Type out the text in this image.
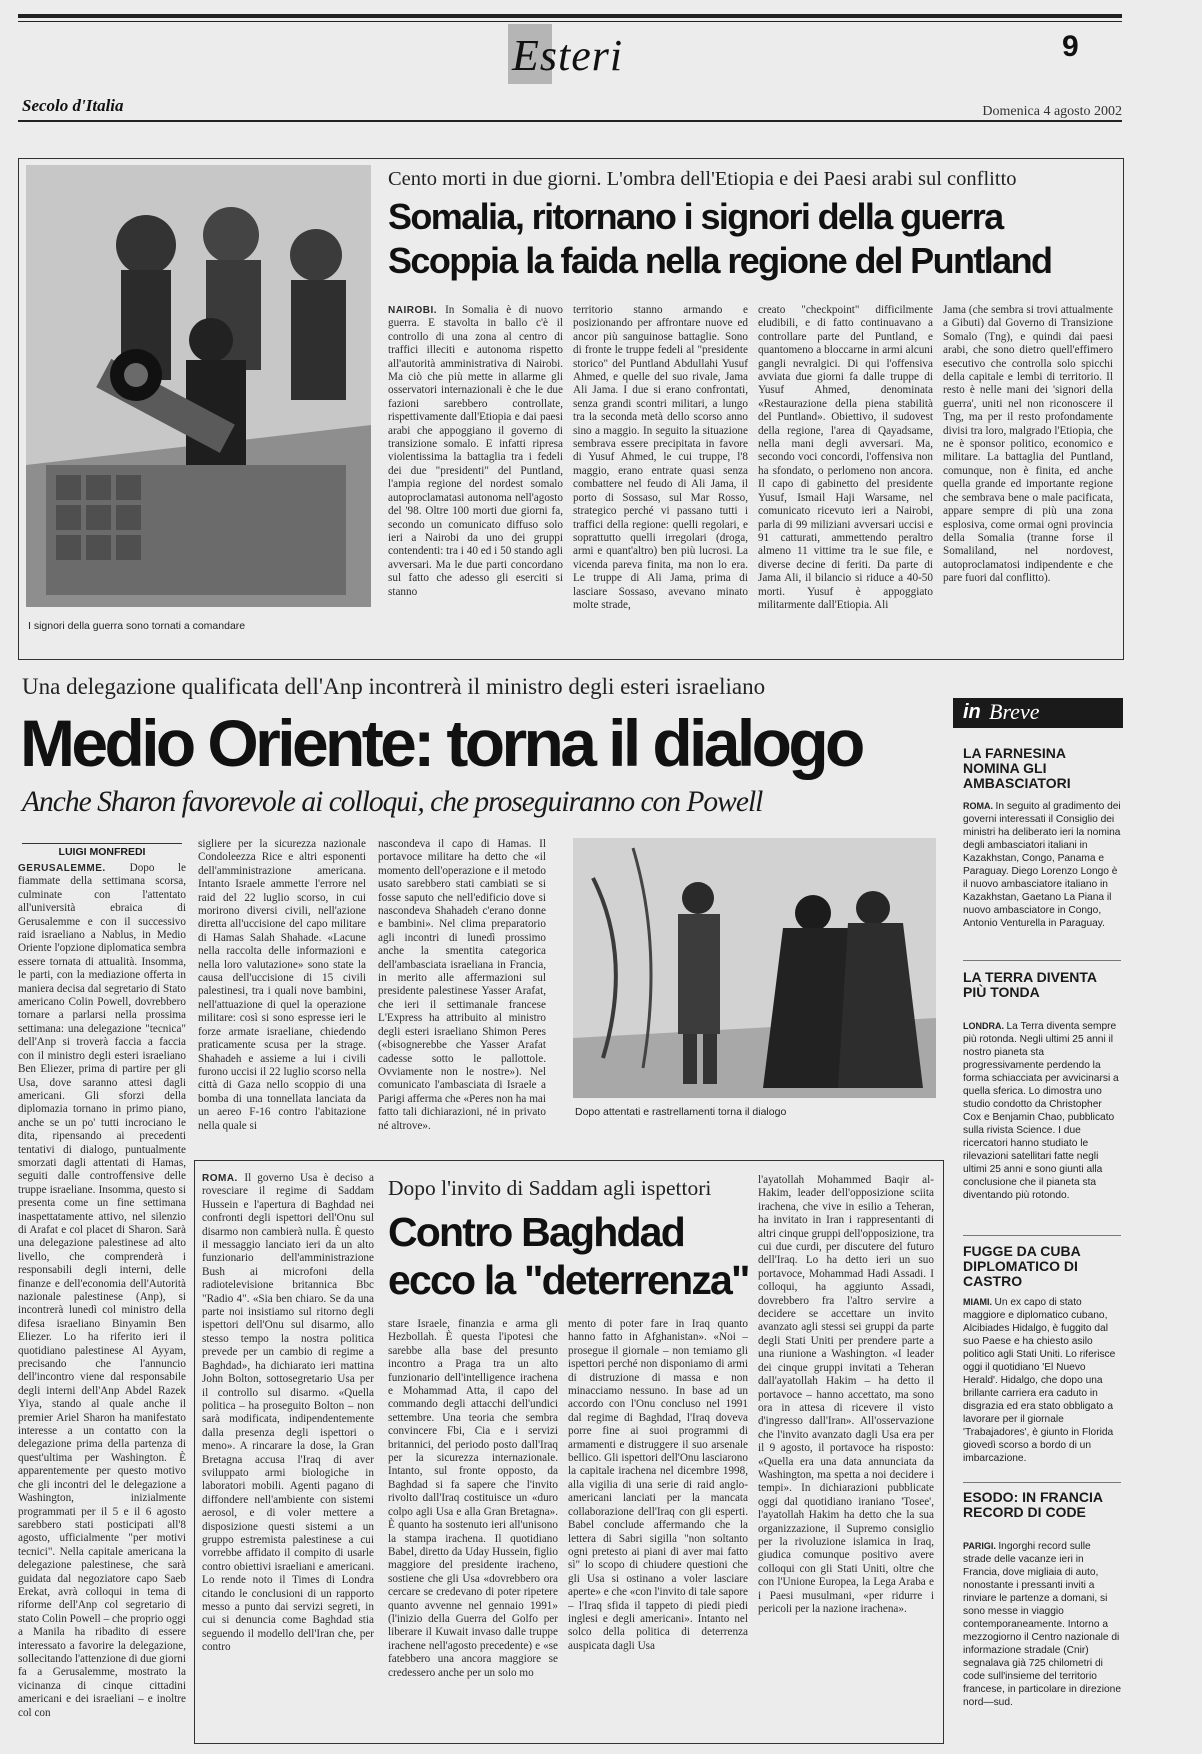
Esteri	9
Secolo d'Italia	Domenica 4 agosto 2002
I signori della guerra sono tornati a comandare
Cento morti in due giorni. L'ombra dell'Etiopia e dei Paesi arabi sul conflitto
Somalia, ritornano i signori della guerra
Scoppia la faida nella regione del Puntland
NAIROBI. In Somalia è di nuovo guerra. E stavolta in ballo c'è il controllo di una zona al centro di traffici illeciti e autonoma rispetto all'autorità amministrativa di Nairobi. Ma ciò che più mette in allarme gli osservatori internazionali è che le due fazioni sarebbero controllate, rispettivamente dall'Etiopia e dai paesi arabi che appoggiano il governo di transizione somalo. E infatti ripresa violentissima la battaglia tra i fedeli dei due "presidenti" del Puntland, l'ampia regione del nordest somalo autoproclamatasi autonoma nell'agosto del '98. Oltre 100 morti due giorni fa, secondo un comunicato diffuso solo ieri a Nairobi da uno dei gruppi contendenti: tra i 40 ed i 50 stando agli avversari. Ma le due parti concordano sul fatto che adesso gli eserciti si stanno
territorio stanno armando e posizionando per affrontare nuove ed ancor più sanguinose battaglie. Sono di fronte le truppe fedeli al "presidente storico" del Puntland Abdullahi Yusuf Ahmed, e quelle del suo rivale, Jama Ali Jama. I due si erano confrontati, senza grandi scontri militari, a lungo tra la seconda metà dello scorso anno sino a maggio. In seguito la situazione sembrava essere precipitata in favore di Yusuf Ahmed, le cui truppe, l'8 maggio, erano entrate quasi senza combattere nel feudo di Ali Jama, il porto di Sossaso, sul Mar Rosso, strategico perché vi passano tutti i traffici della regione: quelli regolari, e soprattutto quelli irregolari (droga, armi e quant'altro) ben più lucrosi. La vicenda pareva finita, ma non lo era. Le truppe di Ali Jama, prima di lasciare Sossaso, avevano minato molte strade,
creato "checkpoint" difficilmente eludibili, e di fatto continuavano a controllare parte del Puntland, e quantomeno a bloccarne in armi alcuni gangli nevralgici. Di qui l'offensiva avviata due giorni fa dalle truppe di Yusuf Ahmed, denominata «Restaurazione della piena stabilità del Puntland». Obiettivo, il sudovest della regione, l'area di Qayadsame, nella mani degli avversari. Ma, secondo voci concordi, l'offensiva non ha sfondato, o perlomeno non ancora. Il capo di gabinetto del presidente Yusuf, Ismail Haji Warsame, nel comunicato ricevuto ieri a Nairobi, parla di 99 miliziani avversari uccisi e 91 catturati, ammettendo peraltro almeno 11 vittime tra le sue file, e diverse decine di feriti. Da parte di Jama Ali, il bilancio si riduce a 40-50 morti. Yusuf è appoggiato militarmente dall'Etiopia. Ali
Jama (che sembra si trovi attualmente a Gibuti) dal Governo di Transizione Somalo (Tng), e quindi dai paesi arabi, che sono dietro quell'effimero esecutivo che controlla solo spicchi della capitale e lembi di territorio. Il resto è nelle mani dei 'signori della guerra', uniti nel non riconoscere il Tng, ma per il resto profondamente divisi tra loro, malgrado l'Etiopia, che ne è sponsor politico, economico e militare. La battaglia del Puntland, comunque, non è finita, ed anche quella grande ed importante regione che sembrava bene o male pacificata, appare sempre di più una zona esplosiva, come ormai ogni provincia della Somalia (tranne forse il Somaliland, nel nordovest, autoproclamatosi indipendente e che pare fuori dal conflitto).
Una delegazione qualificata dell'Anp incontrerà il ministro degli esteri israeliano
Medio Oriente: torna il dialogo
Anche Sharon favorevole ai colloqui, che proseguiranno con Powell
LUIGI MONFREDI
GERUSALEMME. Dopo le fiammate della settimana scorsa, culminate con l'attentato all'università ebraica di Gerusalemme e con il successivo raid israeliano a Nablus, in Medio Oriente l'opzione diplomatica sembra essere tornata di attualità. Insomma, le parti, con la mediazione offerta in maniera decisa dal segretario di Stato americano Colin Powell, dovrebbero tornare a parlarsi nella prossima settimana: una delegazione "tecnica" dell'Anp si troverà faccia a faccia con il ministro degli esteri israeliano Ben Eliezer, prima di partire per gli Usa, dove saranno attesi dagli americani. Gli sforzi della diplomazia tornano in primo piano, anche se un po' tutti incrociano le dita, ripensando ai precedenti tentativi di dialogo, puntualmente smorzati dagli attentati di Hamas, seguiti dalle controffensive delle truppe israeliane. Insomma, questo si presenta come un fine settimana inaspettatamente attivo, nel silenzio di Arafat e col placet di Sharon. Sarà una delegazione palestinese ad alto livello, che comprenderà i responsabili degli interni, delle finanze e dell'economia dell'Autorità nazionale palestinese (Anp), si incontrerà lunedì col ministro della difesa israeliano Binyamin Ben Eliezer. Lo ha riferito ieri il quotidiano palestinese Al Ayyam, precisando che l'annuncio dell'incontro viene dal responsabile degli interni dell'Anp Abdel Razek Yiya, stando al quale anche il premier Ariel Sharon ha manifestato interesse a un contatto con la delegazione prima della partenza di quest'ultima per Washington. È apparentemente per questo motivo che gli incontri del le delegazione a Washington, inizialmente programmati per il 5 e il 6 agosto sarebbero stati posticipati all'8 agosto, ufficialmente "per motivi tecnici". Nella capitale americana la delegazione palestinese, che sarà guidata dal negoziatore capo Saeb Erekat, avrà colloqui in tema di riforme dell'Anp col segretario di stato Colin Powell – che proprio oggi a Manila ha ribadito di essere interessato a favorire la delegazione, sollecitando l'attenzione di due giorni fa a Gerusalemme, mostrato la vicinanza di cinque cittadini americani e dei israeliani – e inoltre col con
sigliere per la sicurezza nazionale Condoleezza Rice e altri esponenti dell'amministrazione americana. Intanto Israele ammette l'errore nel raid del 22 luglio scorso, in cui morirono diversi civili, nell'azione diretta all'uccisione del capo militare di Hamas Salah Shahade. «Lacune nella raccolta delle informazioni e nella loro valutazione» sono state la causa dell'uccisione di 15 civili palestinesi, tra i quali nove bambini, nell'attuazione di quel la operazione militare: così si sono espresse ieri le forze armate israeliane, chiedendo praticamente scusa per la strage. Shahadeh e assieme a lui i civili furono uccisi il 22 luglio scorso nella città di Gaza nello scoppio di una bomba di una tonnellata lanciata da un aereo F-16 contro l'abitazione nella quale si
nascondeva il capo di Hamas. Il portavoce militare ha detto che «il momento dell'operazione e il metodo usato sarebbero stati cambiati se si fosse saputo che nell'edificio dove si nascondeva Shahadeh c'erano donne e bambini». Nel clima preparatorio agli incontri di lunedì prossimo anche la smentita categorica dell'ambasciata israeliana in Francia, in merito alle affermazioni sul presidente palestinese Yasser Arafat, che ieri il settimanale francese L'Express ha attribuito al ministro degli esteri israeliano Shimon Peres («bisognerebbe che Yasser Arafat cadesse sotto le pallottole. Ovviamente non le nostre»). Nel comunicato l'ambasciata di Israele a Parigi afferma che «Peres non ha mai fatto tali dichiarazioni, né in privato né altrove».
Dopo attentati e rastrellamenti torna il dialogo
ROMA. Il governo Usa è deciso a rovesciare il regime di Saddam Hussein e l'apertura di Baghdad nei confronti degli ispettori dell'Onu sul disarmo non cambierà nulla. È questo il messaggio lanciato ieri da un alto funzionario dell'amministrazione Bush ai microfoni della radiotelevisione britannica Bbc "Radio 4". «Sia ben chiaro. Se da una parte noi insistiamo sul ritorno degli ispettori dell'Onu sul disarmo, allo stesso tempo la nostra politica prevede per un cambio di regime a Baghdad», ha dichiarato ieri mattina John Bolton, sottosegretario Usa per il controllo sul disarmo. «Quella politica – ha proseguito Bolton – non sarà modificata, indipendentemente dalla presenza degli ispettori o meno». A rincarare la dose, la Gran Bretagna accusa l'Iraq di aver sviluppato armi biologiche in laboratori mobili. Agenti pagano di diffondere nell'ambiente con sistemi aerosol, e di voler mettere a disposizione questi sistemi a un gruppo estremista palestinese a cui vorrebbe affidato il compito di usarle contro obiettivi israeliani e americani. Lo rende noto il Times di Londra citando le conclusioni di un rapporto messo a punto dai servizi segreti, in cui si denuncia come Baghdad stia seguendo il modello dell'Iran che, per contro
Dopo l'invito di Saddam agli ispettori
Contro Baghdad
ecco la "deterrenza"
stare Israele, finanzia e arma gli Hezbollah. È questa l'ipotesi che sarebbe alla base del presunto incontro a Praga tra un alto funzionario dell'intelligence irachena e Mohammad Atta, il capo del commando degli attacchi dell'undici settembre. Una teoria che sembra convincere Fbi, Cia e i servizi britannici, del periodo posto dall'Iraq per la sicurezza internazionale. Intanto, sul fronte opposto, da Baghdad si fa sapere che l'invito rivolto dall'Iraq costituisce un «duro colpo agli Usa e alla Gran Bretagna». È quanto ha sostenuto ieri all'unisono la stampa irachena. Il quotidiano Babel, diretto da Uday Hussein, figlio maggiore del presidente iracheno, sostiene che gli Usa «dovrebbero ora cercare se credevano di poter ripetere quanto avvenne nel gennaio 1991» (l'inizio della Guerra del Golfo per liberare il Kuwait invaso dalle truppe irachene nell'agosto precedente) e «se fatebbero una ancora maggiore se credessero anche per un solo mo
mento di poter fare in Iraq quanto hanno fatto in Afghanistan». «Noi – prosegue il giornale – non temiamo gli ispettori perché non disponiamo di armi di distruzione di massa e non minacciamo nessuno. In base ad un accordo con l'Onu concluso nel 1991 dal regime di Baghdad, l'Iraq doveva porre fine ai suoi programmi di armamenti e distruggere il suo arsenale bellico. Gli ispettori dell'Onu lasciarono la capitale irachena nel dicembre 1998, alla vigilia di una serie di raid anglo-americani lanciati per la mancata collaborazione dell'Iraq con gli esperti. Babel conclude affermando che la lettera di Sabri sigilla "non soltanto ogni pretesto ai piani di aver mai fatto sì" lo scopo di chiudere questioni che gli Usa si ostinano a voler lasciare aperte» e che «con l'invito di tale sapore – l'Iraq sfida il tappeto di piedi piedi inglesi e degli americani». Intanto nel solco della politica di deterrenza auspicata dagli Usa
l'ayatollah Mohammed Baqir al-Hakim, leader dell'opposizione sciita irachena, che vive in esilio a Teheran, ha invitato in Iran i rappresentanti di altri cinque gruppi dell'opposizione, tra cui due curdi, per discutere del futuro dell'Iraq. Lo ha detto ieri un suo portavoce, Mohammad Hadi Assadi. I colloqui, ha aggiunto Assadi, dovrebbero fra l'altro servire a decidere se accettare un invito avanzato agli stessi sei gruppi da parte degli Stati Uniti per prendere parte a una riunione a Washington. «I leader dei cinque gruppi invitati a Teheran dall'ayatollah Hakim – ha detto il portavoce – hanno accettato, ma sono ora in attesa di ricevere il visto d'ingresso dall'Iran». All'osservazione che l'invito avanzato dagli Usa era per il 9 agosto, il portavoce ha risposto: «Quella era una data annunciata da Washington, ma spetta a noi decidere i tempi». In dichiarazioni pubblicate oggi dal quotidiano iraniano 'Tosee', l'ayatollah Hakim ha detto che la sua organizzazione, il Supremo consiglio per la rivoluzione islamica in Iraq, giudica comunque positivo avere colloqui con gli Stati Uniti, oltre che con l'Unione Europea, la Lega Araba e i Paesi musulmani, «per ridurre i pericoli per la nazione irachena».
in Breve
LA FARNESINA NOMINA GLI AMBASCIATORI
ROMA. In seguito al gradimento dei governi interessati il Consiglio dei ministri ha deliberato ieri la nomina degli ambasciatori italiani in Kazakhstan, Congo, Panama e Paraguay. Diego Lorenzo Longo è il nuovo ambasciatore italiano in Kazakhstan, Gaetano La Piana il nuovo ambasciatore in Congo, Antonio Venturella in Paraguay.
LA TERRA DIVENTA PIÙ TONDA
LONDRA. La Terra diventa sempre più rotonda. Negli ultimi 25 anni il nostro pianeta sta progressivamente perdendo la forma schiacciata per avvicinarsi a quella sferica. Lo dimostra uno studio condotto da Christopher Cox e Benjamin Chao, pubblicato sulla rivista Science. I due ricercatori hanno studiato le rilevazioni satellitari fatte negli ultimi 25 anni e sono giunti alla conclusione che il pianeta sta diventando più rotondo.
FUGGE DA CUBA DIPLOMATICO DI CASTRO
MIAMI. Un ex capo di stato maggiore e diplomatico cubano, Alcibiades Hidalgo, è fuggito dal suo Paese e ha chiesto asilo politico agli Stati Uniti. Lo riferisce oggi il quotidiano 'El Nuevo Herald'. Hidalgo, che dopo una brillante carriera era caduto in disgrazia ed era stato obbligato a lavorare per il giornale 'Trabajadores', è giunto in Florida giovedì scorso a bordo di un imbarcazione.
ESODO: IN FRANCIA RECORD DI CODE
PARIGI. Ingorghi record sulle strade delle vacanze ieri in Francia, dove migliaia di auto, nonostante i pressanti inviti a rinviare le partenze a domani, si sono messe in viaggio contemporaneamente. Intorno a mezzogiorno il Centro nazionale di informazione stradale (Cnir) segnalava già 725 chilometri di code sull'insieme del territorio francese, in particolare in direzione nord—sud.
